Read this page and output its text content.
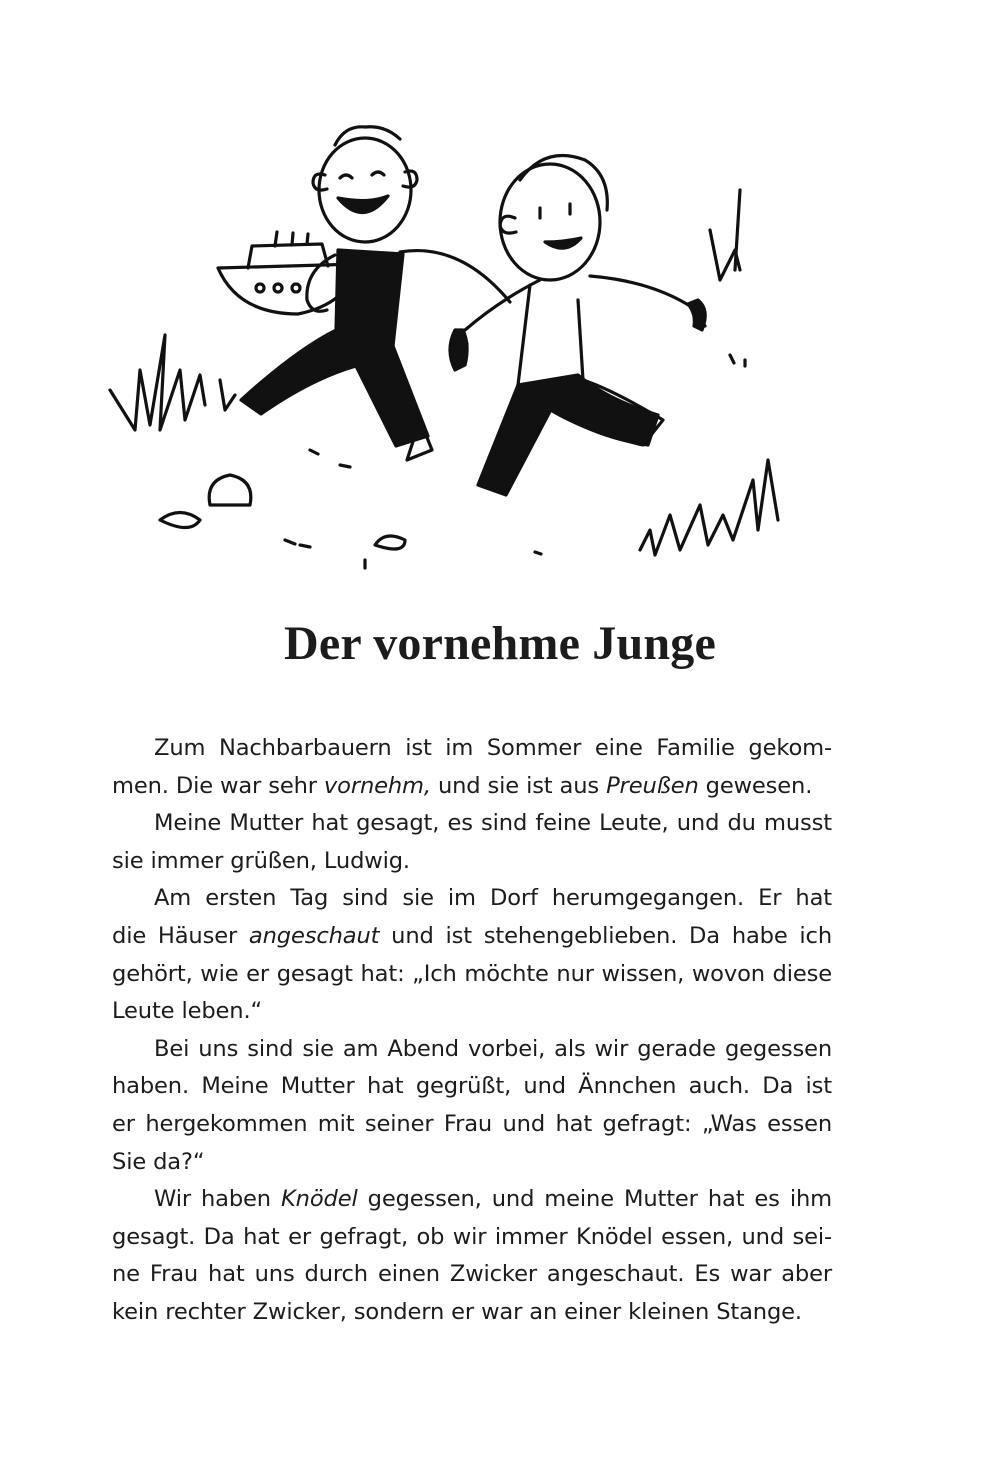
Der vornehme Junge

Zum Nachbarbauern ist im Sommer eine Familie gekom-
men. Die war sehr vornehm, und sie ist aus Preußen gewesen.

Meine Mutter hat gesagt, es sind feine Leute, und du musst
sie immer grüßen, Ludwig.

Am ersten Tag sind sie im Dorf herumgegangen. Er hat
die Häuser angeschaut und ist stehengeblieben. Da habe ich
gehört, wie er gesagt hat: „Ich möchte nur wissen, wovon diese
Leute leben.“

Bei uns sind sie am Abend vorbei, als wir gerade gegessen
haben. Meine Mutter hat gegrüßt, und Ännchen auch. Da ist
er hergekommen mit seiner Frau und hat gefragt: „Was essen
Sie da?“

Wir haben Knödel gegessen, und meine Mutter hat es ihm
gesagt. Da hat er gefragt, ob wir immer Knödel essen, und sei-
ne Frau hat uns durch einen Zwicker angeschaut. Es war aber
kein rechter Zwicker, sondern er war an einer kleinen Stange.
